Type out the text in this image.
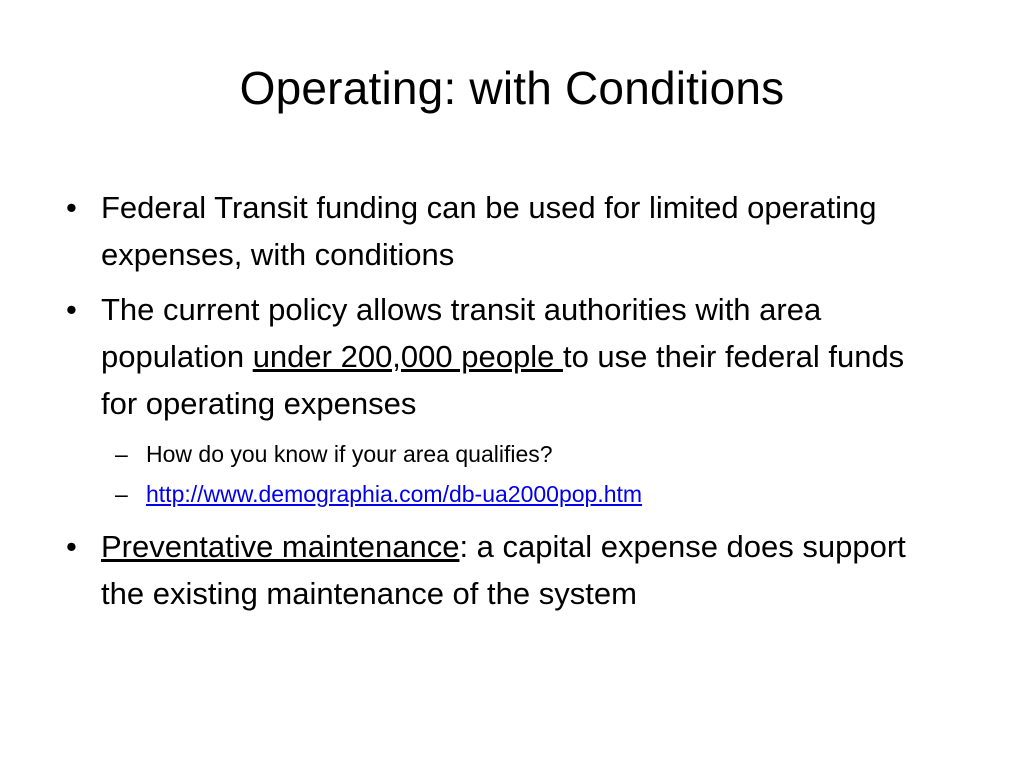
Operating: with Conditions
• Federal Transit funding can be used for limited operating expenses, with conditions
• The current policy allows transit authorities with area population under 200,000 people to use their federal funds for operating expenses
– How do you know if your area qualifies?
– http://www.demographia.com/db-ua2000pop.htm
• Preventative maintenance: a capital expense does support the existing maintenance of the system
